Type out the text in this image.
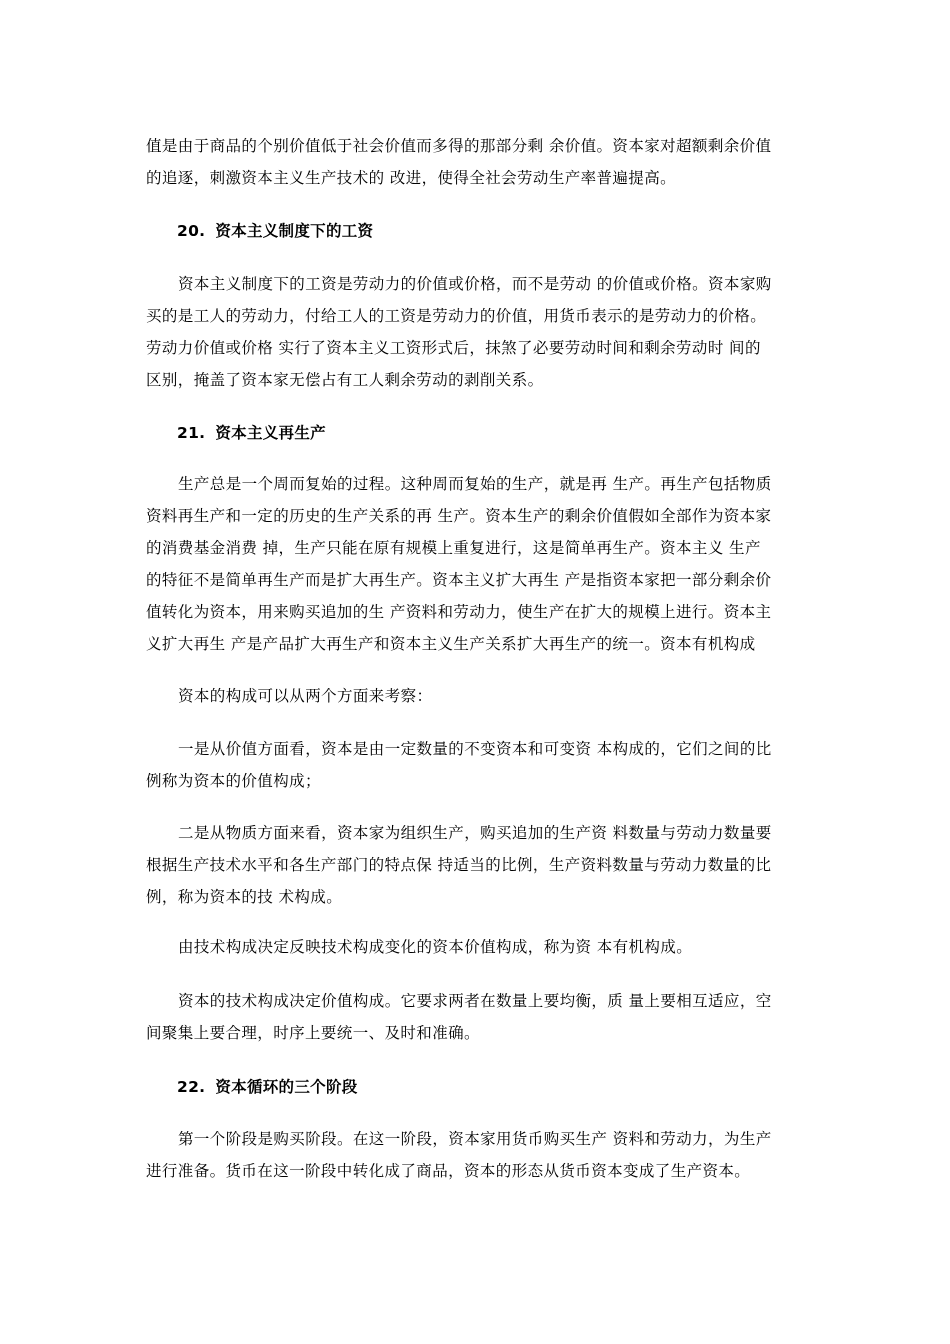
值是由于商品的个别价值低于社会价值而多得的那部分剩 余价值。资本家对超额剩余价值
的追逐，刺激资本主义生产技术的 改进，使得全社会劳动生产率普遍提高。

20. 资本主义制度下的工资

资本主义制度下的工资是劳动力的价值或价格，而不是劳动 的价值或价格。资本家购
买的是工人的劳动力，付给工人的工资是劳动力的价值，用货币表示的是劳动力的价格。
劳动力价值或价格 实行了资本主义工资形式后，抹煞了必要劳动时间和剩余劳动时 间的
区别，掩盖了资本家无偿占有工人剩余劳动的剥削关系。

21. 资本主义再生产

生产总是一个周而复始的过程。这种周而复始的生产，就是再 生产。再生产包括物质
资料再生产和一定的历史的生产关系的再 生产。资本生产的剩余价值假如全部作为资本家
的消费基金消费 掉，生产只能在原有规模上重复进行，这是简单再生产。资本主义 生产
的特征不是简单再生产而是扩大再生产。资本主义扩大再生 产是指资本家把一部分剩余价
值转化为资本，用来购买追加的生 产资料和劳动力，使生产在扩大的规模上进行。资本主
义扩大再生 产是产品扩大再生产和资本主义生产关系扩大再生产的统一。资本有机构成

资本的构成可以从两个方面来考察：

一是从价值方面看，资本是由一定数量的不变资本和可变资 本构成的，它们之间的比
例称为资本的价值构成；

二是从物质方面来看，资本家为组织生产，购买追加的生产资 料数量与劳动力数量要
根据生产技术水平和各生产部门的特点保 持适当的比例，生产资料数量与劳动力数量的比
例，称为资本的技 术构成。

由技术构成决定反映技术构成变化的资本价值构成，称为资 本有机构成。

资本的技术构成决定价值构成。它要求两者在数量上要均衡，质 量上要相互适应，空
间聚集上要合理，时序上要统一、及时和准确。

22. 资本循环的三个阶段

第一个阶段是购买阶段。在这一阶段，资本家用货币购买生产 资料和劳动力，为生产
进行准备。货币在这一阶段中转化成了商品，资本的形态从货币资本变成了生产资本。
